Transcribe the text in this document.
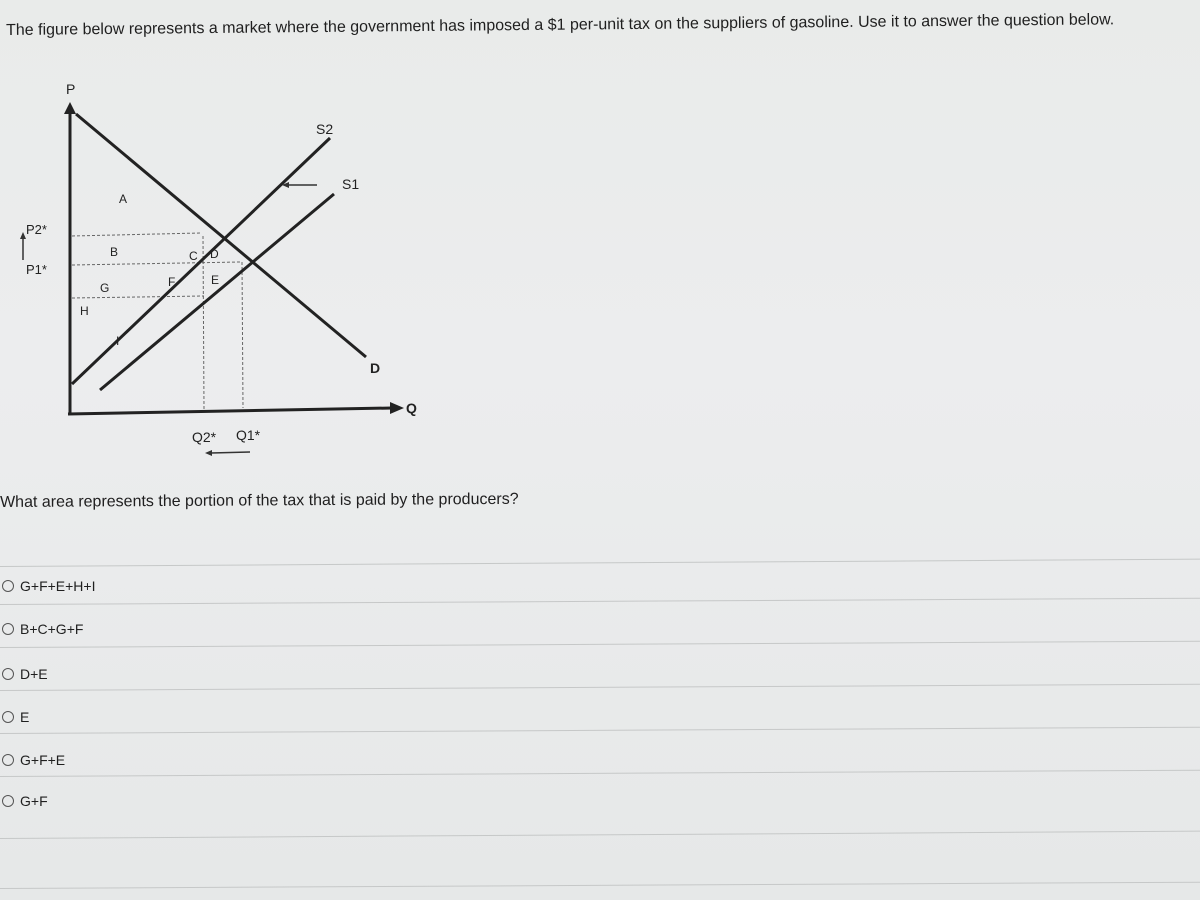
The figure below represents a market where the government has imposed a $1 per-unit tax on the suppliers of gasoline. Use it to answer the question below.
P
Q
P2*
P1*
Q2* Q1*
S2
S1
D
A
B	C D
E
F
G
H
I
What area represents the portion of the tax that is paid by the producers?
G+F+E+H+I
B+C+G+F
D+E
E
G+F+E
G+F
